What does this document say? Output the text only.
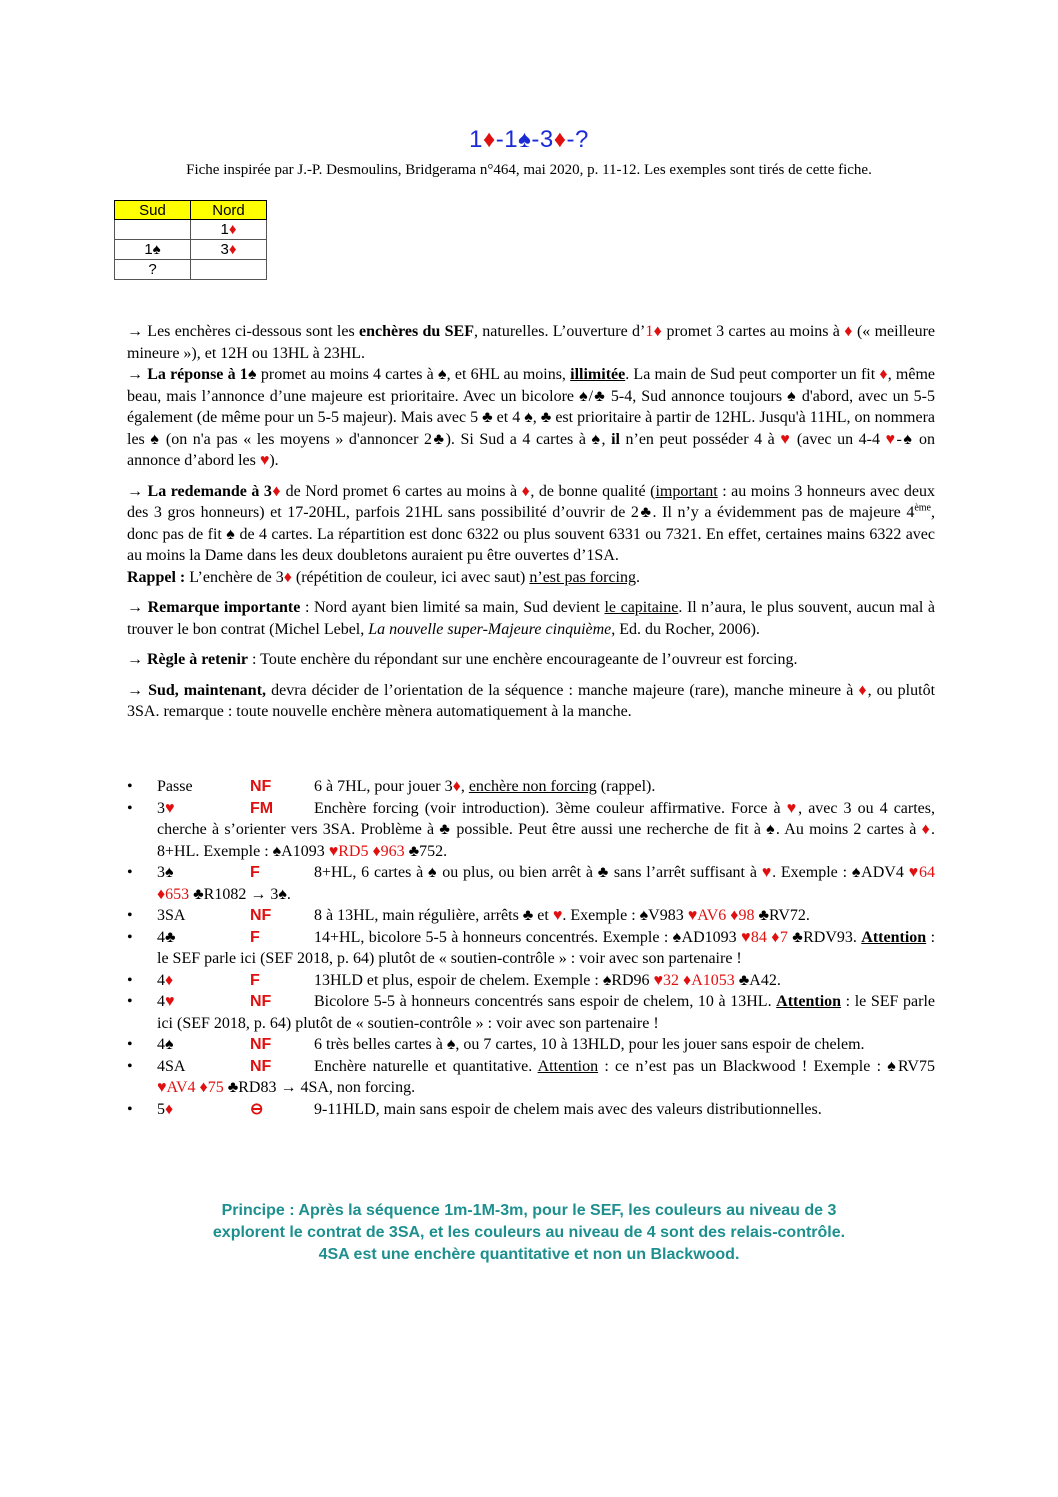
1♦-1♠-3♦-?
Fiche inspirée par J.-P. Desmoulins, Bridgerama n°464, mai 2020, p. 11-12. Les exemples sont tirés de cette fiche.
Sud	Nord
	1♦
1♠	3♦
?	

→ Les enchères ci-dessous sont les enchères du SEF, naturelles. L’ouverture d’1♦ promet 3 cartes au moins à ♦ (« meilleure mineure »), et 12H ou 13HL à 23HL.
→ La réponse à 1♠ promet au moins 4 cartes à ♠, et 6HL au moins, illimitée. La main de Sud peut comporter un fit ♦, même beau, mais l’annonce d’une majeure est prioritaire. Avec un bicolore ♠/♣ 5-4, Sud annonce toujours ♠ d'abord, avec un 5-5 également (de même pour un 5-5 majeur). Mais avec 5 ♣ et 4 ♠, ♣ est prioritaire à partir de 12HL. Jusqu'à 11HL, on nommera les ♠ (on n'a pas « les moyens » d'annoncer 2♣). Si Sud a 4 cartes à ♠, il n’en peut posséder 4 à ♥ (avec un 4-4 ♥-♠ on annonce d’abord les ♥).

→ La redemande à 3♦ de Nord promet 6 cartes au moins à ♦, de bonne qualité (important : au moins 3 honneurs avec deux des 3 gros honneurs) et 17-20HL, parfois 21HL sans possibilité d’ouvrir de 2♣. Il n’y a évidemment pas de majeure 4ème, donc pas de fit ♠ de 4 cartes. La répartition est donc 6322 ou plus souvent 6331 ou 7321. En effet, certaines mains 6322 avec au moins la Dame dans les deux doubletons auraient pu être ouvertes d’1SA.
Rappel : L’enchère de 3♦ (répétition de couleur, ici avec saut) n’est pas forcing.

→ Remarque importante : Nord ayant bien limité sa main, Sud devient le capitaine. Il n’aura, le plus souvent, aucun mal à trouver le bon contrat (Michel Lebel, La nouvelle super-Majeure cinquième, Ed. du Rocher, 2006).

→ Règle à retenir : Toute enchère du répondant sur une enchère encourageante de l’ouvreur est forcing.

→ Sud, maintenant, devra décider de l’orientation de la séquence : manche majeure (rare), manche mineure à ♦, ou plutôt 3SA. remarque : toute nouvelle enchère mènera automatiquement à la manche.

• Passe	NF	6 à 7HL, pour jouer 3♦, enchère non forcing (rappel).
• 3♥	FM	Enchère forcing (voir introduction). 3ème couleur affirmative. Force à ♥, avec 3 ou 4 cartes, cherche à s’orienter vers 3SA. Problème à ♣ possible. Peut être aussi une recherche de fit à ♠. Au moins 2 cartes à ♦. 8+HL. Exemple : ♠A1093 ♥RD5 ♦963 ♣752.
• 3♠	F	8+HL, 6 cartes à ♠ ou plus, ou bien arrêt à ♣ sans l’arrêt suffisant à ♥. Exemple : ♠ADV4 ♥64 ♦653 ♣R1082 → 3♠.
• 3SA	NF	8 à 13HL, main régulière, arrêts ♣ et ♥. Exemple : ♠V983 ♥AV6 ♦98 ♣RV72.
• 4♣	F	14+HL, bicolore 5-5 à honneurs concentrés. Exemple : ♠AD1093 ♥84 ♦7 ♣RDV93. Attention : le SEF parle ici (SEF 2018, p. 64) plutôt de « soutien-contrôle » : voir avec son partenaire !
• 4♦	F	13HLD et plus, espoir de chelem. Exemple : ♠RD96 ♥32 ♦A1053 ♣A42.
• 4♥	NF	Bicolore 5-5 à honneurs concentrés sans espoir de chelem, 10 à 13HL. Attention : le SEF parle ici (SEF 2018, p. 64) plutôt de « soutien-contrôle » : voir avec son partenaire !
• 4♠	NF	6 très belles cartes à ♠, ou 7 cartes, 10 à 13HLD, pour les jouer sans espoir de chelem.
• 4SA	NF	Enchère naturelle et quantitative. Attention : ce n’est pas un Blackwood ! Exemple : ♠RV75 ♥AV4 ♦75 ♣RD83 → 4SA, non forcing.
• 5♦	⊖	9-11HLD, main sans espoir de chelem mais avec des valeurs distributionnelles.
Principe : Après la séquence 1m-1M-3m, pour le SEF, les couleurs au niveau de 3
explorent le contrat de 3SA, et les couleurs au niveau de 4 sont des relais-contrôle.
4SA est une enchère quantitative et non un Blackwood.
